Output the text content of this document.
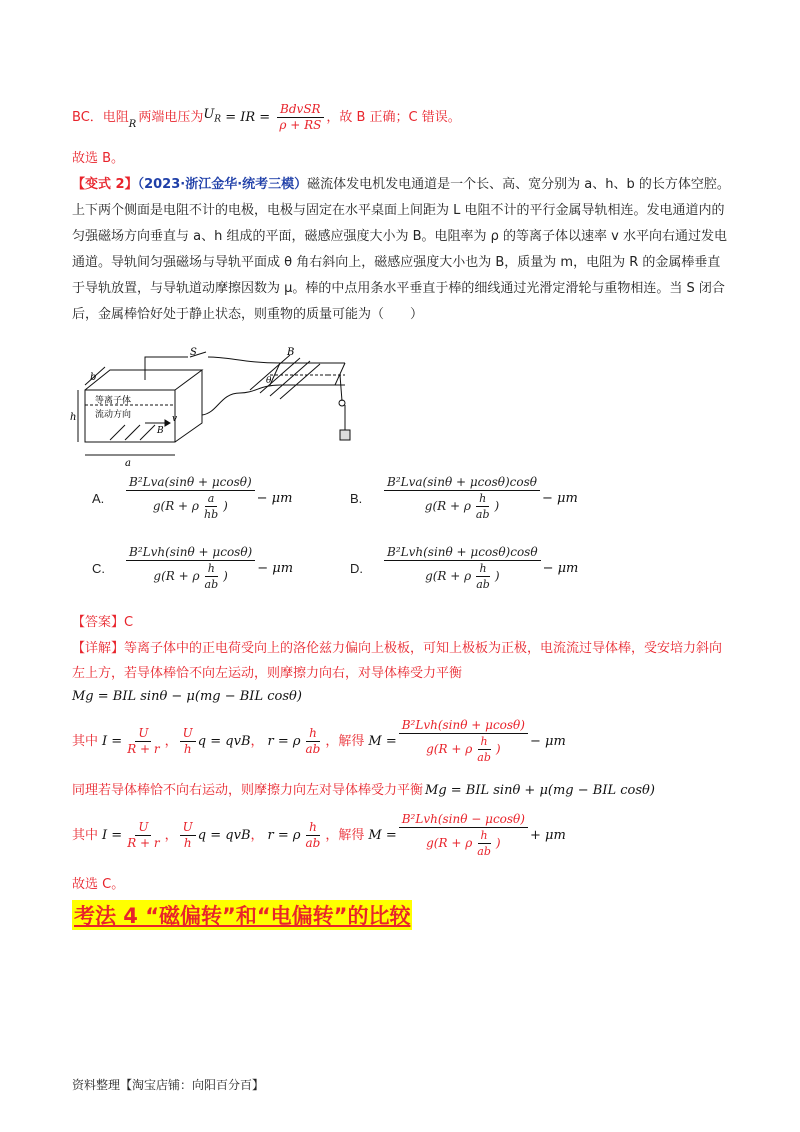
BC．电阻 R 两端电压为 $U_R$ = IR = $\frac{\text{BdvSR}}{\rho + RS}$ ，故 B 正确；C 错误。
故选 B。
【变式 2】（2023·浙江金华·统考三模）磁流体发电机发电通道是一个长、高、宽分别为 a、h、b 的长方体空腔。上下两个侧面是电阻不计的电极，电极与固定在水平桌面上间距为 L 电阻不计的平行金属导轨相连。发电通道内的匀强磁场方向垂直与 a、h 组成的平面，磁感应强度大小为 B。电阻率为 ρ 的等离子体以速率 v 水平向右通过发电通道。导轨间匀强磁场与导轨平面成 θ 角右斜向上，磁感应强度大小也为 B，质量为 m，电阻为 R 的金属棒垂直于导轨放置，与导轨道动摩擦因数为 μ。棒的中点用条水平垂直于棒的细线通过光滑定滑轮与重物相连。当 S 闭合后，金属棒恰好处于静止状态，则重物的质量可能为（　　）
S	B
θ
b
h
a
等离子体
流动方向	v
B
A.	$\frac{\text{B²Lva(sinθ + μcosθ)}}{g(R + \rho \frac{a}{hb} )} - \mu m$	B.	$\frac{\text{B²Lva(sinθ + μcosθ)cosθ}}{g(R + \rho \frac{h}{ab} )} - \mu m$
C.	$\frac{\text{B²Lvh(sinθ + μcosθ)}}{g(R + \rho \frac{h}{ab} )} - \mu m$	D.	$\frac{\text{B²Lvh(sinθ + μcosθ)cosθ}}{g(R + \rho \frac{h}{ab} )} - \mu m$
【答案】C
【详解】等离子体中的正电荷受向上的洛伦兹力偏向上极板，可知上极板为正极，电流流过导体棒，受安培力斜向左上方，若导体棒恰不向左运动，则摩擦力向右，对导体棒受力平衡
Mg = BIL sinθ − μ(mg − BIL cosθ)
其中 $I = \frac{U}{R + r}$ ， $\frac{U}{h}$ q = qvB ， r = ρ $\frac{h}{ab}$ ，解得 $M = \frac{\text{B²Lvh(sinθ + μcosθ)}}{g(R + \rho \frac{h}{ab} )} - \mu m$
同理若导体棒恰不向右运动，则摩擦力向左对导体棒受力平衡 Mg = BIL sinθ + μ(mg − BIL cosθ)
其中 $I = \frac{U}{R + r}$ ， $\frac{U}{h}$ q = qvB ， r = ρ $\frac{h}{ab}$ ，解得 $M = \frac{\text{B²Lvh(sinθ − μcosθ)}}{g(R + \rho \frac{h}{ab} )} + \mu m$
故选 C。
考法 4 “磁偏转”和“电偏转”的比较
资料整理【淘宝店铺：向阳百分百】
